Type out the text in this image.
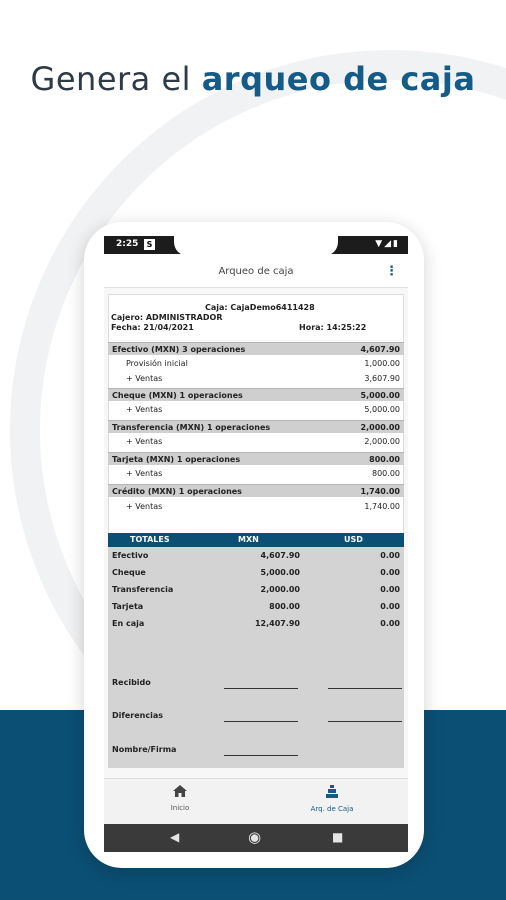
Genera el arqueo de caja
2:25	S	▼◢▮
Arqueo de caja	⋮
Caja: CajaDemo6411428
Cajero: ADMINISTRADOR
Fecha: 21/04/2021	Hora: 14:25:22
Efectivo (MXN) 3 operaciones	4,607.90
Provisión inicial	1,000.00
+ Ventas	3,607.90
Cheque (MXN) 1 operaciones	5,000.00
+ Ventas	5,000.00
Transferencia (MXN) 1 operaciones	2,000.00
+ Ventas	2,000.00
Tarjeta (MXN) 1 operaciones	800.00
+ Ventas	800.00
Crédito (MXN) 1 operaciones	1,740.00
+ Ventas	1,740.00
TOTALES	MXN	USD
Efectivo	4,607.90	0.00
Cheque	5,000.00	0.00
Transferencia	2,000.00	0.00
Tarjeta	800.00	0.00
En caja	12,407.90	0.00
Recibido
Diferencias
Nombre/Firma
Inicio	Arq. de Caja
◀	◉	■
